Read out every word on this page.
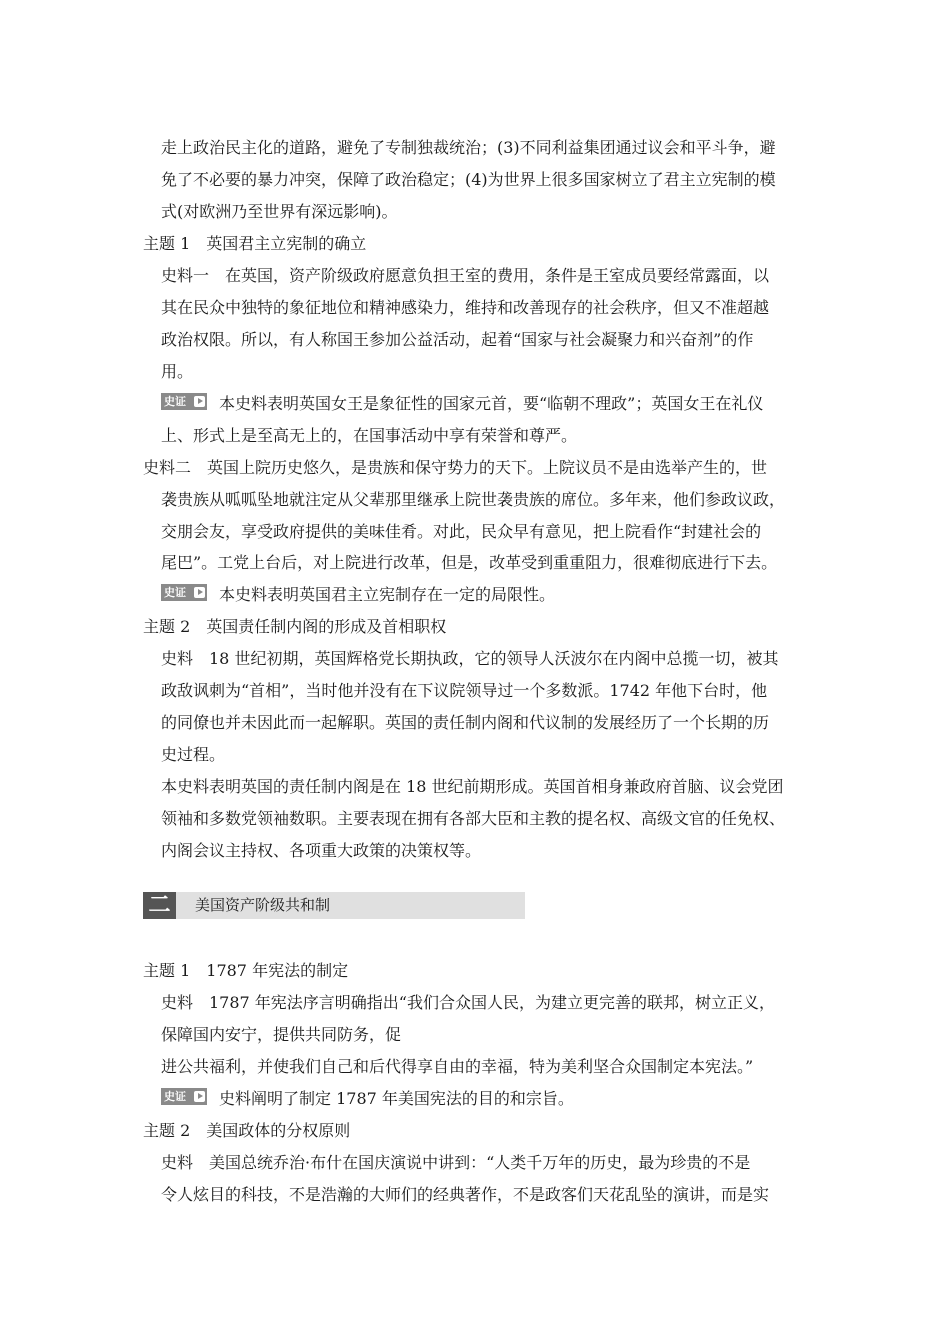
走上政治民主化的道路，避免了专制独裁统治；(3)不同利益集团通过议会和平斗争，避
免了不必要的暴力冲突，保障了政治稳定；(4)为世界上很多国家树立了君主立宪制的模
式(对欧洲乃至世界有深远影响)。
主题 1　英国君主立宪制的确立
史料一　在英国，资产阶级政府愿意负担王室的费用，条件是王室成员要经常露面，以
其在民众中独特的象征地位和精神感染力，维持和改善现存的社会秩序，但又不准超越
政治权限。所以，有人称国王参加公益活动，起着“国家与社会凝聚力和兴奋剂”的作
用。
史证	本史料表明英国女王是象征性的国家元首，要“临朝不理政”；英国女王在礼仪
上、形式上是至高无上的，在国事活动中享有荣誉和尊严。
史料二　英国上院历史悠久，是贵族和保守势力的天下。上院议员不是由选举产生的，世
袭贵族从呱呱坠地就注定从父辈那里继承上院世袭贵族的席位。多年来，他们参政议政，
交朋会友，享受政府提供的美味佳肴。对此，民众早有意见，把上院看作“封建社会的
尾巴”。工党上台后，对上院进行改革，但是，改革受到重重阻力，很难彻底进行下去。
史证	本史料表明英国君主立宪制存在一定的局限性。
主题 2　英国责任制内阁的形成及首相职权
史料　18 世纪初期，英国辉格党长期执政，它的领导人沃波尔在内阁中总揽一切，被其
政敌讽刺为“首相”，当时他并没有在下议院领导过一个多数派。1742 年他下台时，他
的同僚也并未因此而一起解职。英国的责任制内阁和代议制的发展经历了一个长期的历
史过程。
本史料表明英国的责任制内阁是在 18 世纪前期形成。英国首相身兼政府首脑、议会党团
领袖和多数党领袖数职。主要表现在拥有各部大臣和主教的提名权、高级文官的任免权、
内阁会议主持权、各项重大政策的决策权等。
二	美国资产阶级共和制
主题 1　1787 年宪法的制定
史料　1787 年宪法序言明确指出“我们合众国人民，为建立更完善的联邦，树立正义，
保障国内安宁，提供共同防务，促
进公共福利，并使我们自己和后代得享自由的幸福，特为美利坚合众国制定本宪法。”
史证	史料阐明了制定 1787 年美国宪法的目的和宗旨。
主题 2　美国政体的分权原则
史料　美国总统乔治·布什在国庆演说中讲到：“人类千万年的历史，最为珍贵的不是
令人炫目的科技，不是浩瀚的大师们的经典著作，不是政客们天花乱坠的演讲，而是实
